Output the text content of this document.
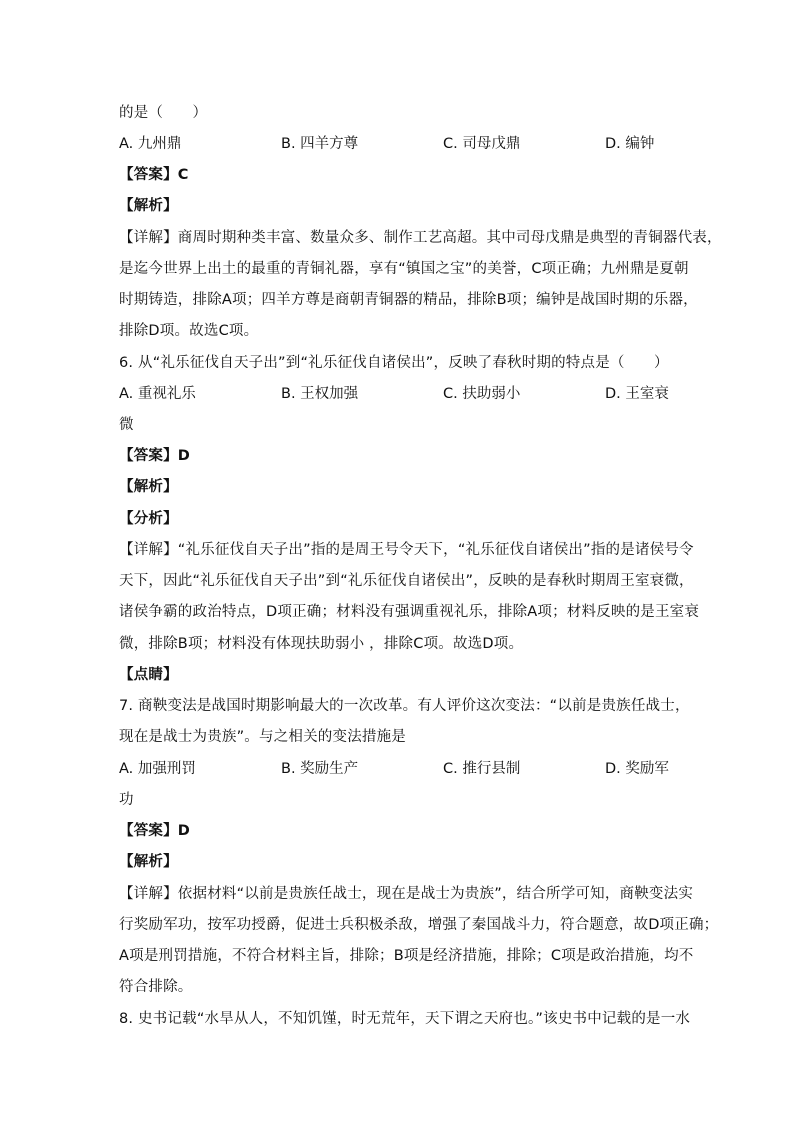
的是（　　）
A. 九州鼎	B. 四羊方尊	C. 司母戊鼎	D. 编钟
【答案】C
【解析】
【详解】商周时期种类丰富、数量众多、制作工艺高超。其中司母戊鼎是典型的青铜器代表，
是迄今世界上出土的最重的青铜礼器，享有“镇国之宝”的美誉，C项正确；九州鼎是夏朝
时期铸造，排除A项；四羊方尊是商朝青铜器的精品，排除B项；编钟是战国时期的乐器，
排除D项。故选C项。
6. 从“礼乐征伐自天子出”到“礼乐征伐自诸侯出”，反映了春秋时期的特点是（　　）
A. 重视礼乐	B. 王权加强	C. 扶助弱小	D. 王室衰
微
【答案】D
【解析】
【分析】
【详解】“礼乐征伐自天子出”指的是周王号令天下，“礼乐征伐自诸侯出”指的是诸侯号令
天下，因此“礼乐征伐自天子出”到“礼乐征伐自诸侯出”，反映的是春秋时期周王室衰微，
诸侯争霸的政治特点，D项正确；材料没有强调重视礼乐，排除A项；材料反映的是王室衰
微，排除B项；材料没有体现扶助弱小 ，排除C项。故选D项。
【点睛】
7. 商鞅变法是战国时期影响最大的一次改革。有人评价这次变法：“以前是贵族任战士，
现在是战士为贵族”。与之相关的变法措施是
A. 加强刑罚	B. 奖励生产	C. 推行县制	D. 奖励军
功
【答案】D
【解析】
【详解】依据材料“以前是贵族任战士，现在是战士为贵族”，结合所学可知，商鞅变法实
行奖励军功，按军功授爵，促进士兵积极杀敌，增强了秦国战斗力，符合题意，故D项正确；
A项是刑罚措施，不符合材料主旨，排除；B项是经济措施，排除；C项是政治措施，均不
符合排除。
8. 史书记载“水旱从人，不知饥馑，时无荒年，天下谓之天府也。”该史书中记载的是一水
